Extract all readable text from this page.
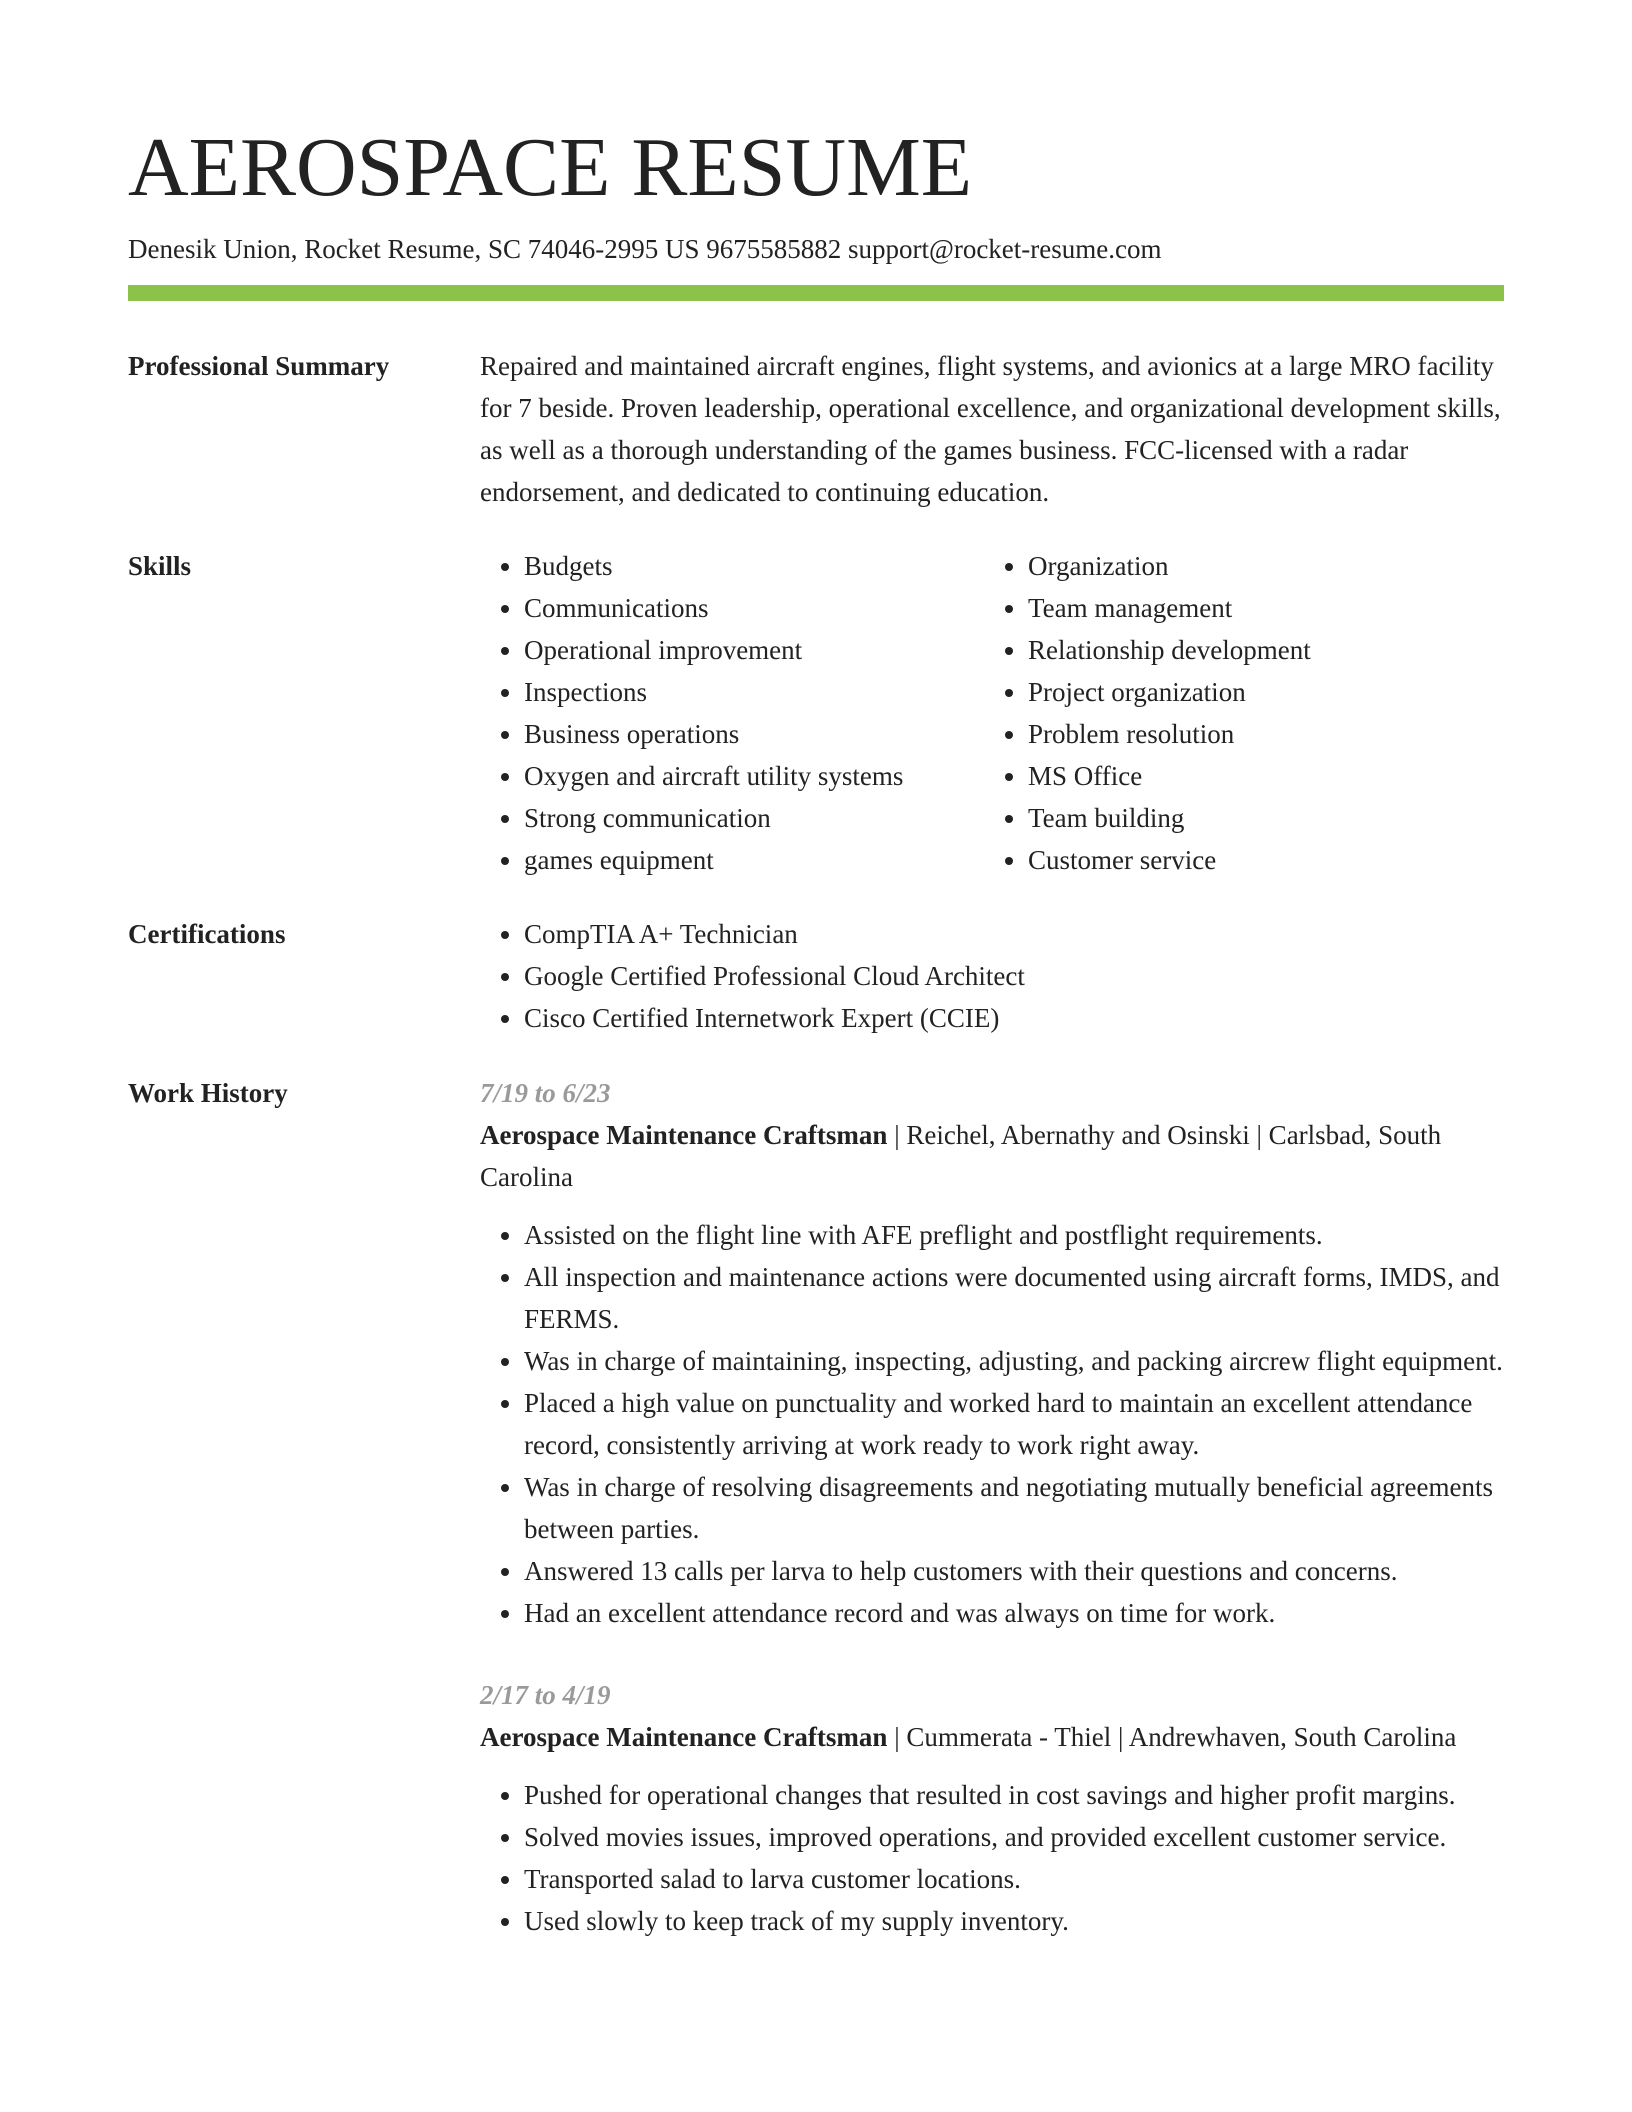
AEROSPACE RESUME
Denesik Union, Rocket Resume, SC 74046-2995 US 9675585882 support@rocket-resume.com
Professional Summary	Repaired and maintained aircraft engines, flight systems, and avionics at a large MRO facility for 7 beside. Proven leadership, operational excellence, and organizational development skills, as well as a thorough understanding of the games business. FCC-licensed with a radar endorsement, and dedicated to continuing education.

Skills	• Budgets
• Communications
• Operational improvement
• Inspections
• Business operations
• Oxygen and aircraft utility systems
• Strong communication
• games equipment
• Organization
• Team management
• Relationship development
• Project organization
• Problem resolution
• MS Office
• Team building
• Customer service
Certifications	• CompTIA A+ Technician
• Google Certified Professional Cloud Architect
• Cisco Certified Internetwork Expert (CCIE)
Work History	7/19 to 6/23
Aerospace Maintenance Craftsman | Reichel, Abernathy and Osinski | Carlsbad, South Carolina
• Assisted on the flight line with AFE preflight and postflight requirements.
• All inspection and maintenance actions were documented using aircraft forms, IMDS, and FERMS.
• Was in charge of maintaining, inspecting, adjusting, and packing aircrew flight equipment.
• Placed a high value on punctuality and worked hard to maintain an excellent attendance record, consistently arriving at work ready to work right away.
• Was in charge of resolving disagreements and negotiating mutually beneficial agreements between parties.
• Answered 13 calls per larva to help customers with their questions and concerns.
• Had an excellent attendance record and was always on time for work.
2/17 to 4/19
Aerospace Maintenance Craftsman | Cummerata - Thiel | Andrewhaven, South Carolina
• Pushed for operational changes that resulted in cost savings and higher profit margins.
• Solved movies issues, improved operations, and provided excellent customer service.
• Transported salad to larva customer locations.
• Used slowly to keep track of my supply inventory.
